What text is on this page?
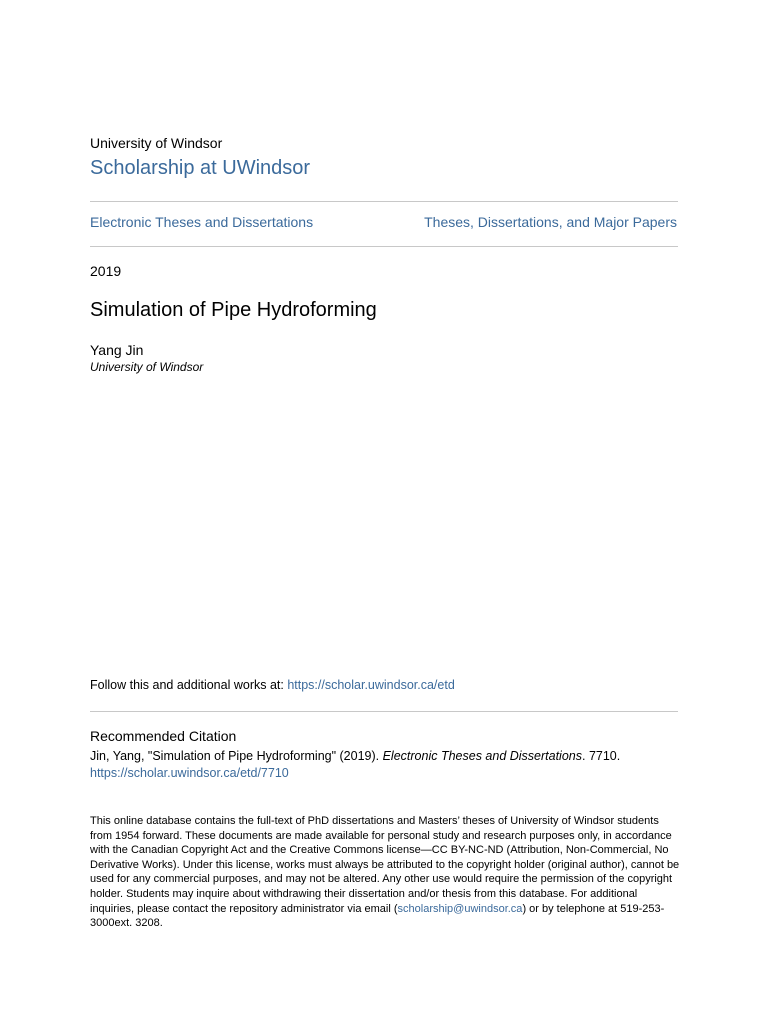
University of Windsor
Scholarship at UWindsor
Electronic Theses and Dissertations	Theses, Dissertations, and Major Papers
2019
Simulation of Pipe Hydroforming
Yang Jin
University of Windsor
Follow this and additional works at: https://scholar.uwindsor.ca/etd
Recommended Citation
Jin, Yang, "Simulation of Pipe Hydroforming" (2019). Electronic Theses and Dissertations. 7710.
https://scholar.uwindsor.ca/etd/7710
This online database contains the full-text of PhD dissertations and Masters’ theses of University of Windsor students from 1954 forward. These documents are made available for personal study and research purposes only, in accordance with the Canadian Copyright Act and the Creative Commons license—CC BY-NC-ND (Attribution, Non-Commercial, No Derivative Works). Under this license, works must always be attributed to the copyright holder (original author), cannot be used for any commercial purposes, and may not be altered. Any other use would require the permission of the copyright holder. Students may inquire about withdrawing their dissertation and/or thesis from this database. For additional inquiries, please contact the repository administrator via email (scholarship@uwindsor.ca) or by telephone at 519-253-3000ext. 3208.
